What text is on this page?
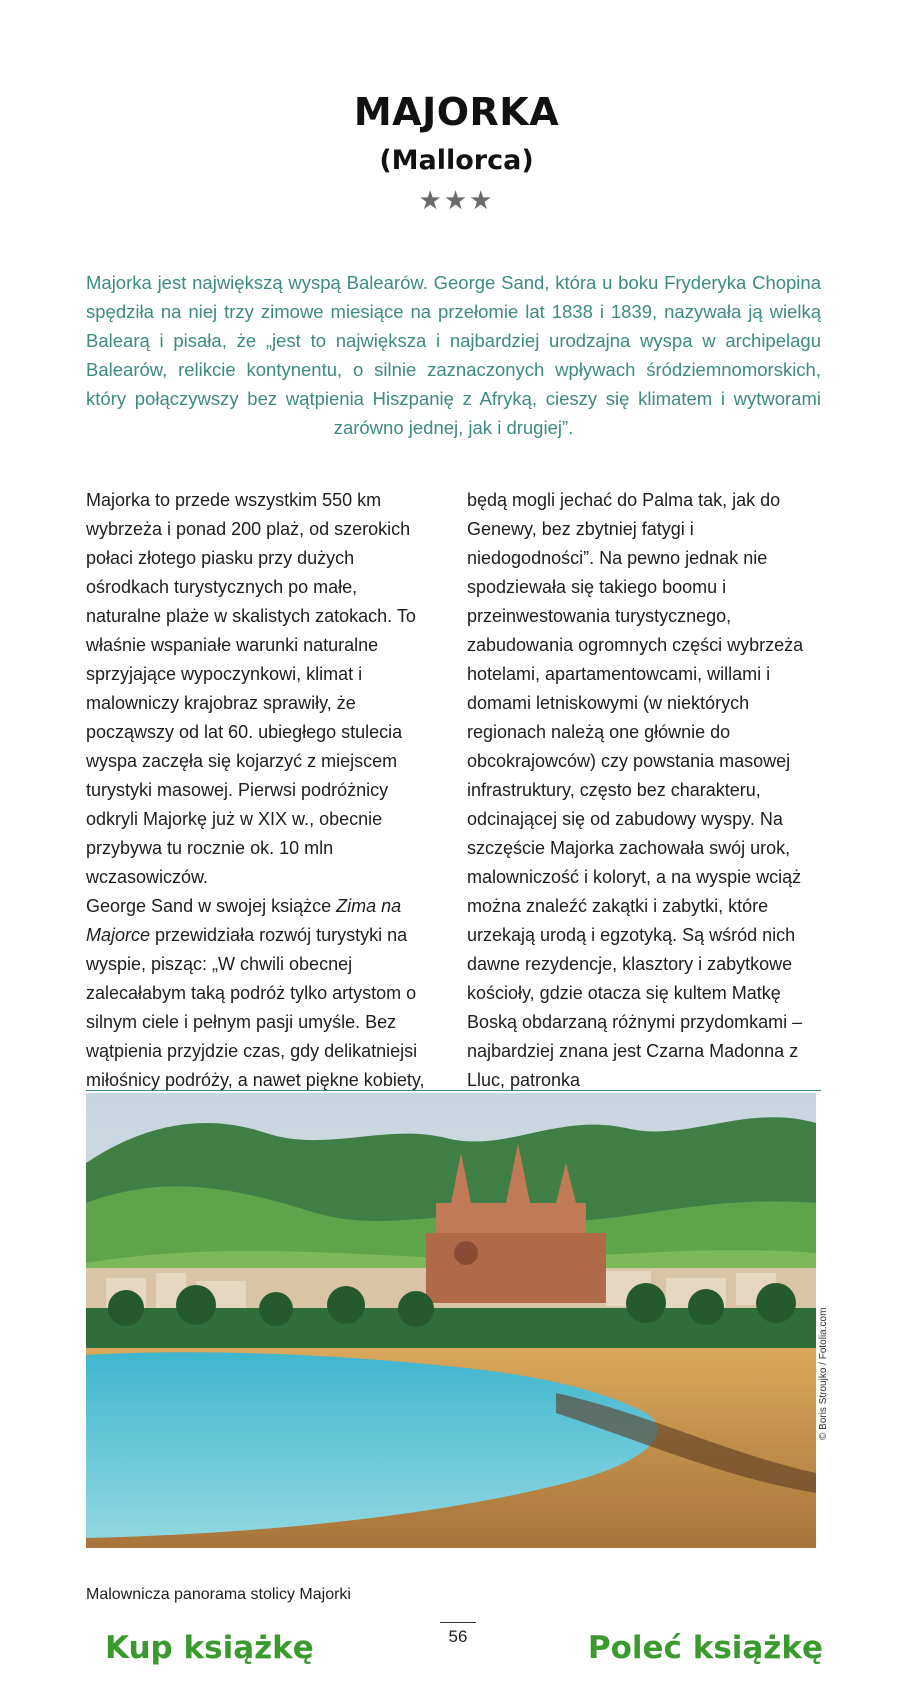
MAJORKA
(Mallorca)
★★★

Majorka jest największą wyspą Balearów. George Sand, która u boku Fryderyka Chopina spędziła na niej trzy zimowe miesiące na przełomie lat 1838 i 1839, nazywała ją wielką Balearą i pisała, że „jest to największa i najbardziej urodzajna wyspa w archipelagu Balearów, relikcie kontynentu, o silnie zaznaczonych wpływach śródziemnomorskich, który połączywszy bez wątpienia Hiszpanię z Afryką, cieszy się klimatem i wytworami zarówno jednej, jak i drugiej”.

Majorka to przede wszystkim 550 km wybrzeża i ponad 200 plaż, od szerokich połaci złotego piasku przy dużych ośrodkach turystycznych po małe, naturalne plaże w skalistych zatokach. To właśnie wspaniałe warunki naturalne sprzyjające wypoczynkowi, klimat i malowniczy krajobraz sprawiły, że począwszy od lat 60. ubiegłego stulecia wyspa zaczęła się kojarzyć z miejscem turystyki masowej. Pierwsi podróżnicy odkryli Majorkę już w XIX w., obecnie przybywa tu rocznie ok. 10 mln wczasowiczów.

George Sand w swojej książce Zima na Majorce przewidziała rozwój turystyki na wyspie, pisząc: „W chwili obecnej zalecałabym taką podróż tylko artystom o silnym ciele i pełnym pasji umyśle. Bez wątpienia przyjdzie czas, gdy delikatniejsi miłośnicy podróży, a nawet piękne kobiety,

będą mogli jechać do Palma tak, jak do Genewy, bez zbytniej fatygi i niedogodności”. Na pewno jednak nie spodziewała się takiego boomu i przeinwestowania turystycznego, zabudowania ogromnych części wybrzeża hotelami, apartamentowcami, willami i domami letniskowymi (w niektórych regionach należą one głównie do obcokrajowców) czy powstania masowej infrastruktury, często bez charakteru, odcinającej się od zabudowy wyspy. Na szczęście Majorka zachowała swój urok, malowniczość i koloryt, a na wyspie wciąż można znaleźć zakątki i zabytki, które urzekają urodą i egzotyką. Są wśród nich dawne rezydencje, klasztory i zabytkowe kościoły, gdzie otacza się kultem Matkę Boską obdarzaną różnymi przydomkami – najbardziej znana jest Czarna Madonna z Lluc, patronka

© Boris Stroujko / Fotolia.com
Malownicza panorama stolicy Majorki
56
Kup książkę	Poleć książkę
